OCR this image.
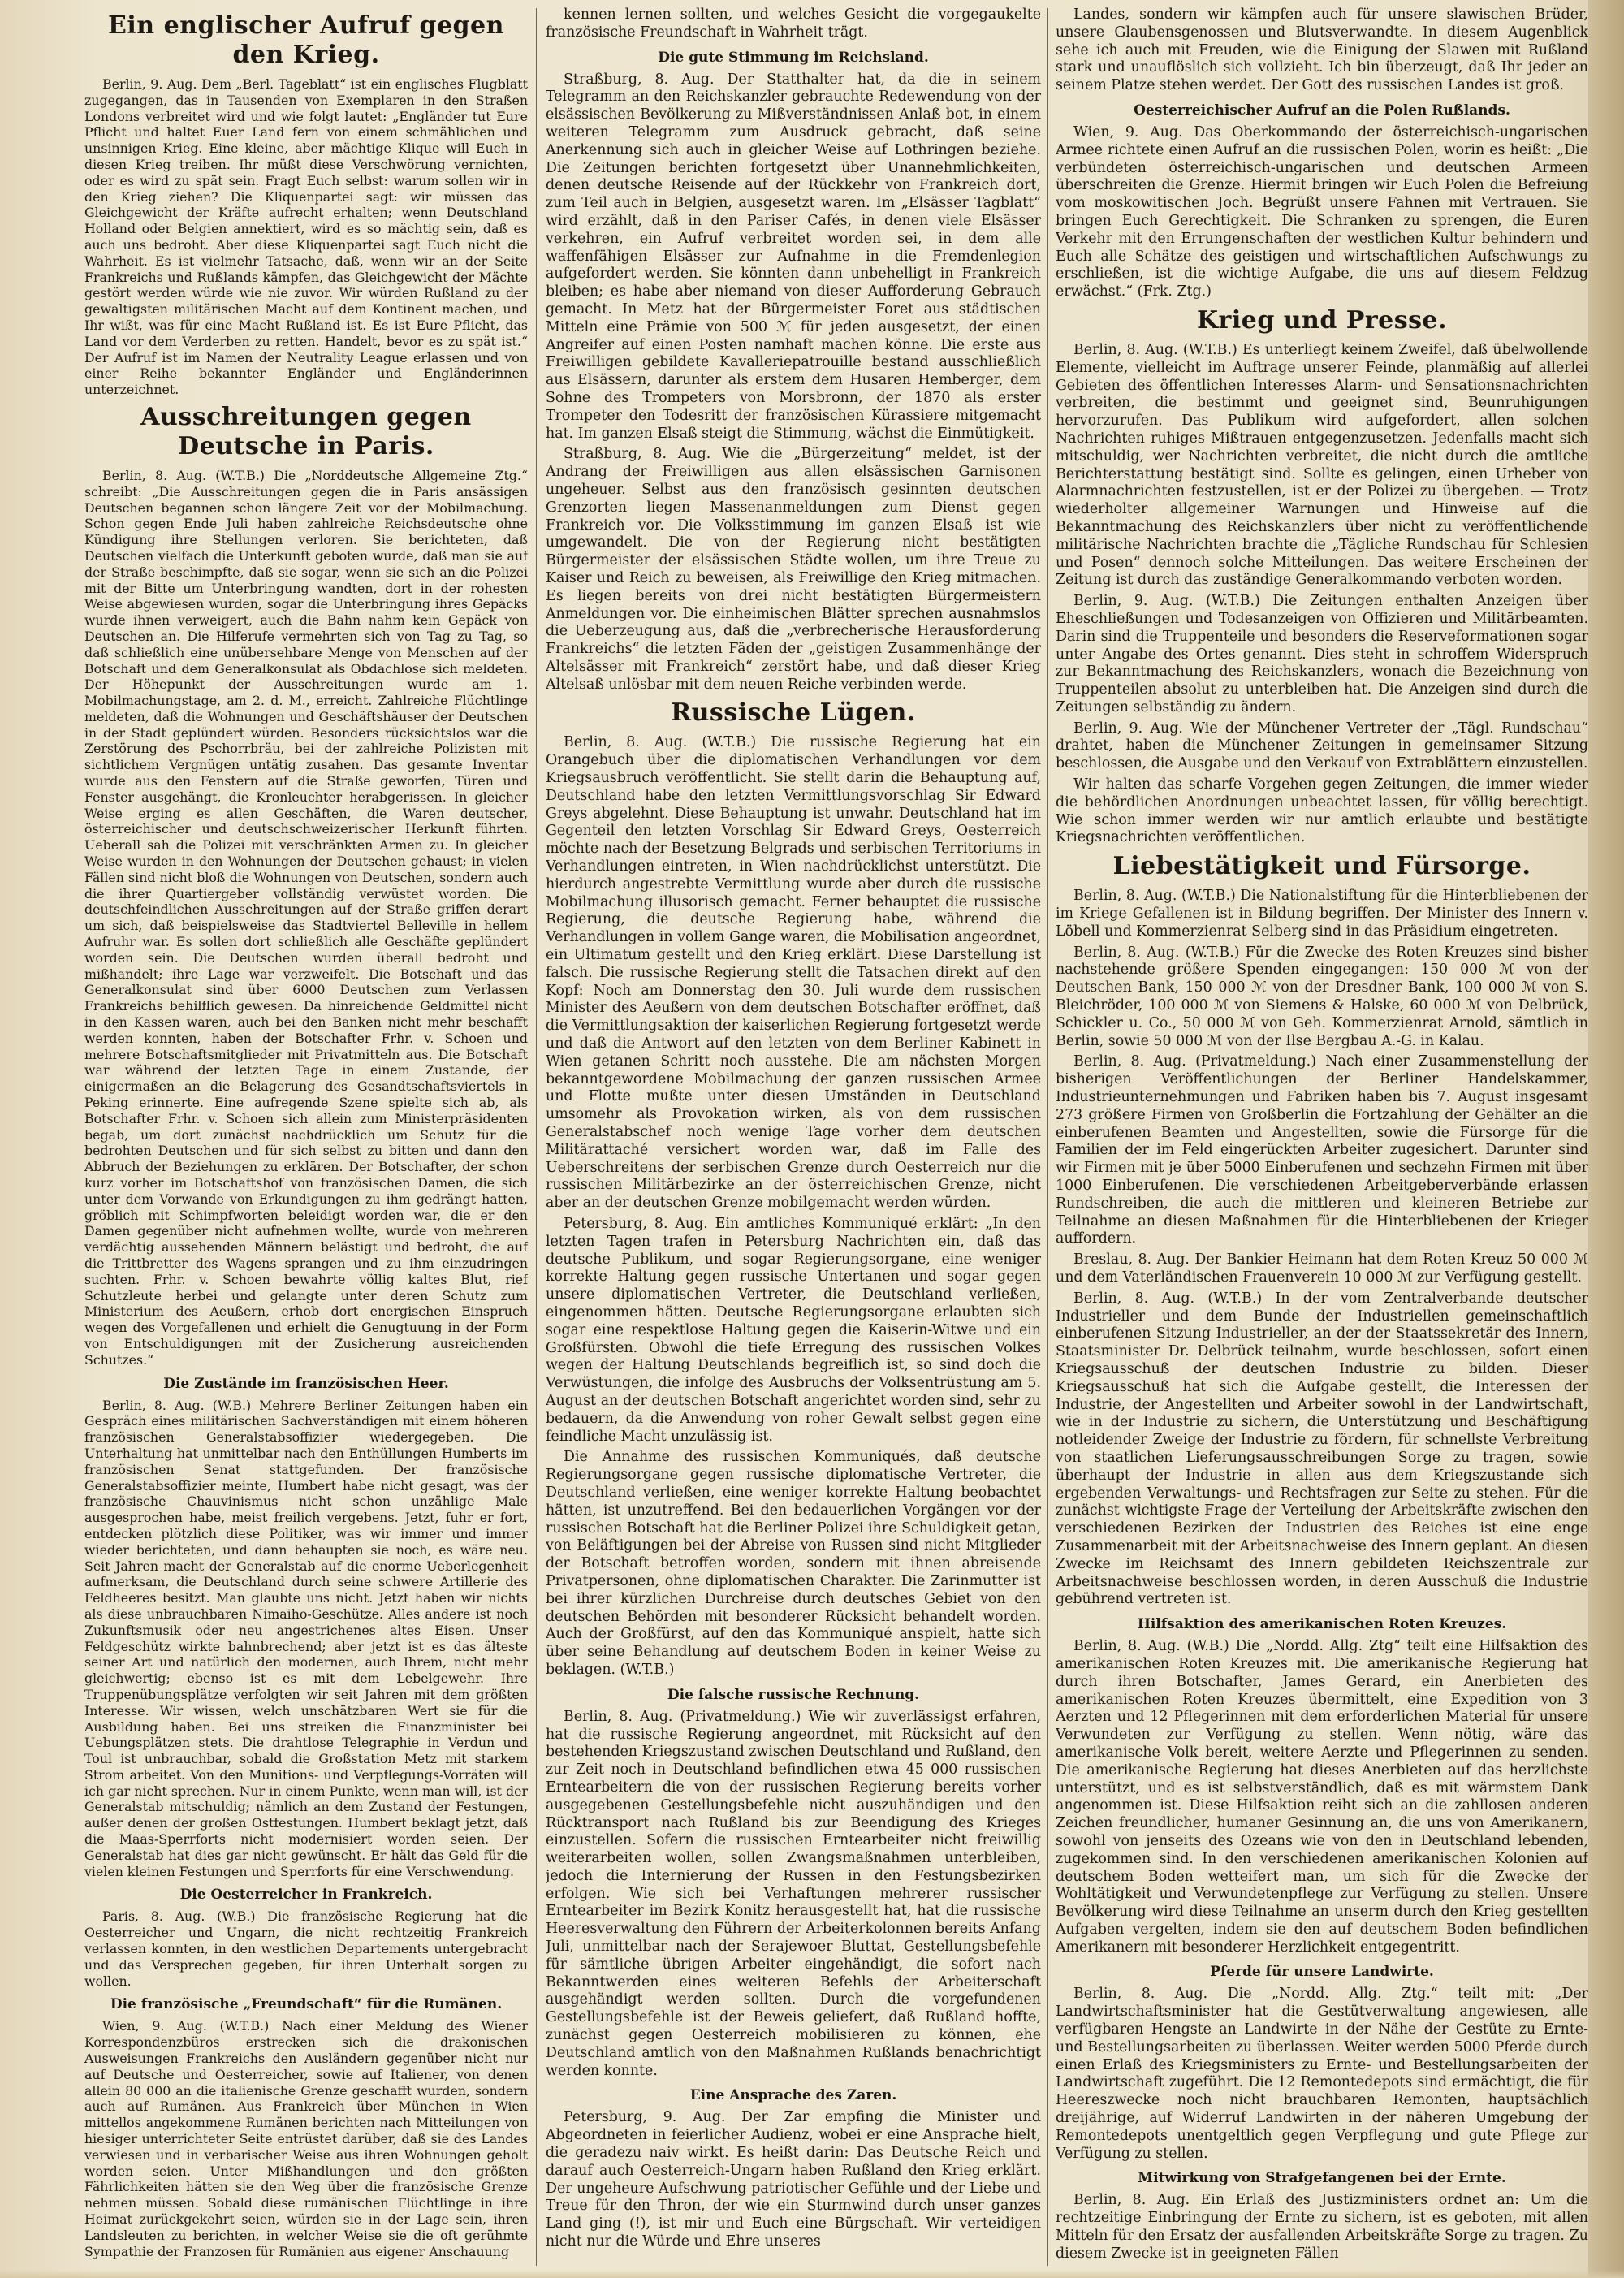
Ein englischer Aufruf gegen den Krieg.

Berlin, 9. Aug. Dem „Berl. Tageblatt“ ist ein englisches Flugblatt zugegangen, das in Tausenden von Exemplaren in den Straßen Londons verbreitet wird und wie folgt lautet: „Engländer tut Eure Pflicht und haltet Euer Land fern von einem schmählichen und unsinnigen Krieg. Eine kleine, aber mächtige Klique will Euch in diesen Krieg treiben. Ihr müßt diese Verschwörung vernichten, oder es wird zu spät sein. Fragt Euch selbst: warum sollen wir in den Krieg ziehen? Die Kliquenpartei sagt: wir müssen das Gleichgewicht der Kräfte aufrecht erhalten; wenn Deutschland Holland oder Belgien annektiert, wird es so mächtig sein, daß es auch uns bedroht. Aber diese Kliquenpartei sagt Euch nicht die Wahrheit. Es ist vielmehr Tatsache, daß, wenn wir an der Seite Frankreichs und Rußlands kämpfen, das Gleichgewicht der Mächte gestört werden würde wie nie zuvor. Wir würden Rußland zu der gewaltigsten militärischen Macht auf dem Kontinent machen, und Ihr wißt, was für eine Macht Rußland ist. Es ist Eure Pflicht, das Land vor dem Verderben zu retten. Handelt, bevor es zu spät ist.“ Der Aufruf ist im Namen der Neutrality League erlassen und von einer Reihe bekannter Engländer und Engländerinnen unterzeichnet.

Ausschreitungen gegen Deutsche in Paris.

Berlin, 8. Aug. (W.T.B.) Die „Norddeutsche Allgemeine Ztg.“ schreibt: „Die Ausschreitungen gegen die in Paris ansässigen Deutschen begannen schon längere Zeit vor der Mobilmachung. Schon gegen Ende Juli haben zahlreiche Reichsdeutsche ohne Kündigung ihre Stellungen verloren. Sie berichteten, daß Deutschen vielfach die Unterkunft geboten wurde, daß man sie auf der Straße beschimpfte, daß sie sogar, wenn sie sich an die Polizei mit der Bitte um Unterbringung wandten, dort in der rohesten Weise abgewiesen wurden, sogar die Unterbringung ihres Gepäcks wurde ihnen verweigert, auch die Bahn nahm kein Gepäck von Deutschen an. Die Hilferufe vermehrten sich von Tag zu Tag, so daß schließlich eine unübersehbare Menge von Menschen auf der Botschaft und dem Generalkonsulat als Obdachlose sich meldeten. Der Höhepunkt der Ausschreitungen wurde am 1. Mobilmachungstage, am 2. d. M., erreicht. Zahlreiche Flüchtlinge meldeten, daß die Wohnungen und Geschäftshäuser der Deutschen in der Stadt geplündert würden. Besonders rücksichtslos war die Zerstörung des Pschorrbräu, bei der zahlreiche Polizisten mit sichtlichem Vergnügen untätig zusahen. Das gesamte Inventar wurde aus den Fenstern auf die Straße geworfen, Türen und Fenster ausgehängt, die Kronleuchter herabgerissen. In gleicher Weise erging es allen Geschäften, die Waren deutscher, österreichischer und deutschschweizerischer Herkunft führten. Ueberall sah die Polizei mit verschränkten Armen zu. In gleicher Weise wurden in den Wohnungen der Deutschen gehaust; in vielen Fällen sind nicht bloß die Wohnungen von Deutschen, sondern auch die ihrer Quartiergeber vollständig verwüstet worden. Die deutschfeindlichen Ausschreitungen auf der Straße griffen derart um sich, daß beispielsweise das Stadtviertel Belleville in hellem Aufruhr war. Es sollen dort schließlich alle Geschäfte geplündert worden sein. Die Deutschen wurden überall bedroht und mißhandelt; ihre Lage war verzweifelt. Die Botschaft und das Generalkonsulat sind über 6000 Deutschen zum Verlassen Frankreichs behilflich gewesen. Da hinreichende Geldmittel nicht in den Kassen waren, auch bei den Banken nicht mehr beschafft werden konnten, haben der Botschafter Frhr. v. Schoen und mehrere Botschaftsmitglieder mit Privatmitteln aus. Die Botschaft war während der letzten Tage in einem Zustande, der einigermaßen an die Belagerung des Gesandtschaftsviertels in Peking erinnerte. Eine aufregende Szene spielte sich ab, als Botschafter Frhr. v. Schoen sich allein zum Ministerpräsidenten begab, um dort zunächst nachdrücklich um Schutz für die bedrohten Deutschen und für sich selbst zu bitten und dann den Abbruch der Beziehungen zu erklären. Der Botschafter, der schon kurz vorher im Botschaftshof von französischen Damen, die sich unter dem Vorwande von Erkundigungen zu ihm gedrängt hatten, gröblich mit Schimpfworten beleidigt worden war, die er den Damen gegenüber nicht aufnehmen wollte, wurde von mehreren verdächtig aussehenden Männern belästigt und bedroht, die auf die Trittbretter des Wagens sprangen und zu ihm einzudringen suchten. Frhr. v. Schoen bewahrte völlig kaltes Blut, rief Schutzleute herbei und gelangte unter deren Schutz zum Ministerium des Aeußern, erhob dort energischen Einspruch wegen des Vorgefallenen und erhielt die Genugtuung in der Form von Entschuldigungen mit der Zusicherung ausreichenden Schutzes.“

Die Zustände im französischen Heer.

Berlin, 8. Aug. (W.B.) Mehrere Berliner Zeitungen haben ein Gespräch eines militärischen Sachverständigen mit einem höheren französischen Generalstabsoffizier wiedergegeben. Die Unterhaltung hat unmittelbar nach den Enthüllungen Humberts im französischen Senat stattgefunden. Der französische Generalstabsoffizier meinte, Humbert habe nicht gesagt, was der französische Chauvinismus nicht schon unzählige Male ausgesprochen habe, meist freilich vergebens. Jetzt, fuhr er fort, entdecken plötzlich diese Politiker, was wir immer und immer wieder berichteten, und dann behaupten sie noch, es wäre neu. Seit Jahren macht der Generalstab auf die enorme Ueberlegenheit aufmerksam, die Deutschland durch seine schwere Artillerie des Feldheeres besitzt. Man glaubte uns nicht. Jetzt haben wir nichts als diese unbrauchbaren Nimaiho-Geschütze. Alles andere ist noch Zukunftsmusik oder neu angestrichenes altes Eisen. Unser Feldgeschütz wirkte bahnbrechend; aber jetzt ist es das älteste seiner Art und natürlich den modernen, auch Ihrem, nicht mehr gleichwertig; ebenso ist es mit dem Lebelgewehr. Ihre Truppenübungsplätze verfolgten wir seit Jahren mit dem größten Interesse. Wir wissen, welch unschätzbaren Wert sie für die Ausbildung haben. Bei uns streiken die Finanzminister bei Uebungsplätzen stets. Die drahtlose Telegraphie in Verdun und Toul ist unbrauchbar, sobald die Großstation Metz mit starkem Strom arbeitet. Von den Munitions- und Verpflegungs-Vorräten will ich gar nicht sprechen. Nur in einem Punkte, wenn man will, ist der Generalstab mitschuldig; nämlich an dem Zustand der Festungen, außer denen der großen Ostfestungen. Humbert beklagt jetzt, daß die Maas-Sperrforts nicht modernisiert worden seien. Der Generalstab hat dies gar nicht gewünscht. Er hält das Geld für die vielen kleinen Festungen und Sperrforts für eine Verschwendung.

Die Oesterreicher in Frankreich.

Paris, 8. Aug. (W.B.) Die französische Regierung hat die Oesterreicher und Ungarn, die nicht rechtzeitig Frankreich verlassen konnten, in den westlichen Departements untergebracht und das Versprechen gegeben, für ihren Unterhalt sorgen zu wollen.

Die französische „Freundschaft“ für die Rumänen.

Wien, 9. Aug. (W.T.B.) Nach einer Meldung des Wiener Korrespondenzbüros erstrecken sich die drakonischen Ausweisungen Frankreichs den Ausländern gegenüber nicht nur auf Deutsche und Oesterreicher, sowie auf Italiener, von denen allein 80 000 an die italienische Grenze geschafft wurden, sondern auch auf Rumänen. Aus Frankreich über München in Wien mittellos angekommene Rumänen berichten nach Mitteilungen von hiesiger unterrichteter Seite entrüstet darüber, daß sie des Landes verwiesen und in verbarischer Weise aus ihren Wohnungen geholt worden seien. Unter Mißhandlungen und den größten Fährlichkeiten hätten sie den Weg über die französische Grenze nehmen müssen. Sobald diese rumänischen Flüchtlinge in ihre Heimat zurückgekehrt seien, würden sie in der Lage sein, ihren Landsleuten zu berichten, in welcher Weise sie die oft gerühmte Sympathie der Franzosen für Rumänien aus eigener Anschauung

kennen lernen sollten, und welches Gesicht die vorgegaukelte französische Freundschaft in Wahrheit trägt.

Die gute Stimmung im Reichsland.

Straßburg, 8. Aug. Der Statthalter hat, da die in seinem Telegramm an den Reichskanzler gebrauchte Redewendung von der elsässischen Bevölkerung zu Mißverständnissen Anlaß bot, in einem weiteren Telegramm zum Ausdruck gebracht, daß seine Anerkennung sich auch in gleicher Weise auf Lothringen beziehe. Die Zeitungen berichten fortgesetzt über Unannehmlichkeiten, denen deutsche Reisende auf der Rückkehr von Frankreich dort, zum Teil auch in Belgien, ausgesetzt waren. Im „Elsässer Tagblatt“ wird erzählt, daß in den Pariser Cafés, in denen viele Elsässer verkehren, ein Aufruf verbreitet worden sei, in dem alle waffenfähigen Elsässer zur Aufnahme in die Fremdenlegion aufgefordert werden. Sie könnten dann unbehelligt in Frankreich bleiben; es habe aber niemand von dieser Aufforderung Gebrauch gemacht. In Metz hat der Bürgermeister Foret aus städtischen Mitteln eine Prämie von 500 ℳ für jeden ausgesetzt, der einen Angreifer auf einen Posten namhaft machen könne. Die erste aus Freiwilligen gebildete Kavalleriepatrouille bestand ausschließlich aus Elsässern, darunter als erstem dem Husaren Hemberger, dem Sohne des Trompeters von Morsbronn, der 1870 als erster Trompeter den Todesritt der französischen Kürassiere mitgemacht hat. Im ganzen Elsaß steigt die Stimmung, wächst die Einmütigkeit.

Straßburg, 8. Aug. Wie die „Bürgerzeitung“ meldet, ist der Andrang der Freiwilligen aus allen elsässischen Garnisonen ungeheuer. Selbst aus den französisch gesinnten deutschen Grenzorten liegen Massenanmeldungen zum Dienst gegen Frankreich vor. Die Volksstimmung im ganzen Elsaß ist wie umgewandelt. Die von der Regierung nicht bestätigten Bürgermeister der elsässischen Städte wollen, um ihre Treue zu Kaiser und Reich zu beweisen, als Freiwillige den Krieg mitmachen. Es liegen bereits von drei nicht bestätigten Bürgermeistern Anmeldungen vor. Die einheimischen Blätter sprechen ausnahmslos die Ueberzeugung aus, daß die „verbrecherische Herausforderung Frankreichs“ die letzten Fäden der „geistigen Zusammenhänge der Altelsässer mit Frankreich“ zerstört habe, und daß dieser Krieg Altelsaß unlösbar mit dem neuen Reiche verbinden werde.

Russische Lügen.

Berlin, 8. Aug. (W.T.B.) Die russische Regierung hat ein Orangebuch über die diplomatischen Verhandlungen vor dem Kriegsausbruch veröffentlicht. Sie stellt darin die Behauptung auf, Deutschland habe den letzten Vermittlungsvorschlag Sir Edward Greys abgelehnt. Diese Behauptung ist unwahr. Deutschland hat im Gegenteil den letzten Vorschlag Sir Edward Greys, Oesterreich möchte nach der Besetzung Belgrads und serbischen Territoriums in Verhandlungen eintreten, in Wien nachdrücklichst unterstützt. Die hierdurch angestrebte Vermittlung wurde aber durch die russische Mobilmachung illusorisch gemacht. Ferner behauptet die russische Regierung, die deutsche Regierung habe, während die Verhandlungen in vollem Gange waren, die Mobilisation angeordnet, ein Ultimatum gestellt und den Krieg erklärt. Diese Darstellung ist falsch. Die russische Regierung stellt die Tatsachen direkt auf den Kopf: Noch am Donnerstag den 30. Juli wurde dem russischen Minister des Aeußern von dem deutschen Botschafter eröffnet, daß die Vermittlungsaktion der kaiserlichen Regierung fortgesetzt werde und daß die Antwort auf den letzten von dem Berliner Kabinett in Wien getanen Schritt noch ausstehe. Die am nächsten Morgen bekanntgewordene Mobilmachung der ganzen russischen Armee und Flotte mußte unter diesen Umständen in Deutschland umsomehr als Provokation wirken, als von dem russischen Generalstabschef noch wenige Tage vorher dem deutschen Militärattaché versichert worden war, daß im Falle des Ueberschreitens der serbischen Grenze durch Oesterreich nur die russischen Militärbezirke an der österreichischen Grenze, nicht aber an der deutschen Grenze mobilgemacht werden würden.

Petersburg, 8. Aug. Ein amtliches Kommuniqué erklärt: „In den letzten Tagen trafen in Petersburg Nachrichten ein, daß das deutsche Publikum, und sogar Regierungsorgane, eine weniger korrekte Haltung gegen russische Untertanen und sogar gegen unsere diplomatischen Vertreter, die Deutschland verließen, eingenommen hätten. Deutsche Regierungsorgane erlaubten sich sogar eine respektlose Haltung gegen die Kaiserin-Witwe und ein Großfürsten. Obwohl die tiefe Erregung des russischen Volkes wegen der Haltung Deutschlands begreiflich ist, so sind doch die Verwüstungen, die infolge des Ausbruchs der Volksentrüstung am 5. August an der deutschen Botschaft angerichtet worden sind, sehr zu bedauern, da die Anwendung von roher Gewalt selbst gegen eine feindliche Macht unzulässig ist.

Die Annahme des russischen Kommuniqués, daß deutsche Regierungsorgane gegen russische diplomatische Vertreter, die Deutschland verließen, eine weniger korrekte Haltung beobachtet hätten, ist unzutreffend. Bei den bedauerlichen Vorgängen vor der russischen Botschaft hat die Berliner Polizei ihre Schuldigkeit getan, von Beläftigungen bei der Abreise von Russen sind nicht Mitglieder der Botschaft betroffen worden, sondern mit ihnen abreisende Privatpersonen, ohne diplomatischen Charakter. Die Zarinmutter ist bei ihrer kürzlichen Durchreise durch deutsches Gebiet von den deutschen Behörden mit besonderer Rücksicht behandelt worden. Auch der Großfürst, auf den das Kommuniqué anspielt, hatte sich über seine Behandlung auf deutschem Boden in keiner Weise zu beklagen. (W.T.B.)

Die falsche russische Rechnung.

Berlin, 8. Aug. (Privatmeldung.) Wie wir zuverlässigst erfahren, hat die russische Regierung angeordnet, mit Rücksicht auf den bestehenden Kriegszustand zwischen Deutschland und Rußland, den zur Zeit noch in Deutschland befindlichen etwa 45 000 russischen Erntearbeitern die von der russischen Regierung bereits vorher ausgegebenen Gestellungsbefehle nicht auszuhändigen und den Rücktransport nach Rußland bis zur Beendigung des Krieges einzustellen. Sofern die russischen Erntearbeiter nicht freiwillig weiterarbeiten wollen, sollen Zwangsmaßnahmen unterbleiben, jedoch die Internierung der Russen in den Festungsbezirken erfolgen. Wie sich bei Verhaftungen mehrerer russischer Erntearbeiter im Bezirk Konitz herausgestellt hat, hat die russische Heeresverwaltung den Führern der Arbeiterkolonnen bereits Anfang Juli, unmittelbar nach der Serajewoer Bluttat, Gestellungsbefehle für sämtliche übrigen Arbeiter eingehändigt, die sofort nach Bekanntwerden eines weiteren Befehls der Arbeiterschaft ausgehändigt werden sollten. Durch die vorgefundenen Gestellungsbefehle ist der Beweis geliefert, daß Rußland hoffte, zunächst gegen Oesterreich mobilisieren zu können, ehe Deutschland amtlich von den Maßnahmen Rußlands benachrichtigt werden konnte.

Eine Ansprache des Zaren.

Petersburg, 9. Aug. Der Zar empfing die Minister und Abgeordneten in feierlicher Audienz, wobei er eine Ansprache hielt, die geradezu naiv wirkt. Es heißt darin: Das Deutsche Reich und darauf auch Oesterreich-Ungarn haben Rußland den Krieg erklärt. Der ungeheure Aufschwung patriotischer Gefühle und der Liebe und Treue für den Thron, der wie ein Sturmwind durch unser ganzes Land ging (!), ist mir und Euch eine Bürgschaft. Wir verteidigen nicht nur die Würde und Ehre unseres

Landes, sondern wir kämpfen auch für unsere slawischen Brüder, unsere Glaubensgenossen und Blutsverwandte. In diesem Augenblick sehe ich auch mit Freuden, wie die Einigung der Slawen mit Rußland stark und unauflöslich sich vollzieht. Ich bin überzeugt, daß Ihr jeder an seinem Platze stehen werdet. Der Gott des russischen Landes ist groß.

Oesterreichischer Aufruf an die Polen Rußlands.

Wien, 9. Aug. Das Oberkommando der österreichisch-ungarischen Armee richtete einen Aufruf an die russischen Polen, worin es heißt: „Die verbündeten österreichisch-ungarischen und deutschen Armeen überschreiten die Grenze. Hiermit bringen wir Euch Polen die Befreiung vom moskowitischen Joch. Begrüßt unsere Fahnen mit Vertrauen. Sie bringen Euch Gerechtigkeit. Die Schranken zu sprengen, die Euren Verkehr mit den Errungenschaften der westlichen Kultur behindern und Euch alle Schätze des geistigen und wirtschaftlichen Aufschwungs zu erschließen, ist die wichtige Aufgabe, die uns auf diesem Feldzug erwächst.“ (Frk. Ztg.)

Krieg und Presse.

Berlin, 8. Aug. (W.T.B.) Es unterliegt keinem Zweifel, daß übelwollende Elemente, vielleicht im Auftrage unserer Feinde, planmäßig auf allerlei Gebieten des öffentlichen Interesses Alarm- und Sensationsnachrichten verbreiten, die bestimmt und geeignet sind, Beunruhigungen hervorzurufen. Das Publikum wird aufgefordert, allen solchen Nachrichten ruhiges Mißtrauen entgegenzusetzen. Jedenfalls macht sich mitschuldig, wer Nachrichten verbreitet, die nicht durch die amtliche Berichterstattung bestätigt sind. Sollte es gelingen, einen Urheber von Alarmnachrichten festzustellen, ist er der Polizei zu übergeben. — Trotz wiederholter allgemeiner Warnungen und Hinweise auf die Bekanntmachung des Reichskanzlers über nicht zu veröffentlichende militärische Nachrichten brachte die „Tägliche Rundschau für Schlesien und Posen“ dennoch solche Mitteilungen. Das weitere Erscheinen der Zeitung ist durch das zuständige Generalkommando verboten worden.

Berlin, 9. Aug. (W.T.B.) Die Zeitungen enthalten Anzeigen über Eheschließungen und Todesanzeigen von Offizieren und Militärbeamten. Darin sind die Truppenteile und besonders die Reserveformationen sogar unter Angabe des Ortes genannt. Dies steht in schroffem Widerspruch zur Bekanntmachung des Reichskanzlers, wonach die Bezeichnung von Truppenteilen absolut zu unterbleiben hat. Die Anzeigen sind durch die Zeitungen selbständig zu ändern.

Berlin, 9. Aug. Wie der Münchener Vertreter der „Tägl. Rundschau“ drahtet, haben die Münchener Zeitungen in gemeinsamer Sitzung beschlossen, die Ausgabe und den Verkauf von Extrablättern einzustellen.

Wir halten das scharfe Vorgehen gegen Zeitungen, die immer wieder die behördlichen Anordnungen unbeachtet lassen, für völlig berechtigt. Wie schon immer werden wir nur amtlich erlaubte und bestätigte Kriegsnachrichten veröffentlichen.

Liebestätigkeit und Fürsorge.

Berlin, 8. Aug. (W.T.B.) Die Nationalstiftung für die Hinterbliebenen der im Kriege Gefallenen ist in Bildung begriffen. Der Minister des Innern v. Löbell und Kommerzienrat Selberg sind in das Präsidium eingetreten.

Berlin, 8. Aug. (W.T.B.) Für die Zwecke des Roten Kreuzes sind bisher nachstehende größere Spenden eingegangen: 150 000 ℳ von der Deutschen Bank, 150 000 ℳ von der Dresdner Bank, 100 000 ℳ von S. Bleichröder, 100 000 ℳ von Siemens & Halske, 60 000 ℳ von Delbrück, Schickler u. Co., 50 000 ℳ von Geh. Kommerzienrat Arnold, sämtlich in Berlin, sowie 50 000 ℳ von der Ilse Bergbau A.-G. in Kalau.

Berlin, 8. Aug. (Privatmeldung.) Nach einer Zusammenstellung der bisherigen Veröffentlichungen der Berliner Handelskammer, Industrieunternehmungen und Fabriken haben bis 7. August insgesamt 273 größere Firmen von Großberlin die Fortzahlung der Gehälter an die einberufenen Beamten und Angestellten, sowie die Fürsorge für die Familien der im Feld eingerückten Arbeiter zugesichert. Darunter sind wir Firmen mit je über 5000 Einberufenen und sechzehn Firmen mit über 1000 Einberufenen. Die verschiedenen Arbeitgeberverbände erlassen Rundschreiben, die auch die mittleren und kleineren Betriebe zur Teilnahme an diesen Maßnahmen für die Hinterbliebenen der Krieger auffordern.

Breslau, 8. Aug. Der Bankier Heimann hat dem Roten Kreuz 50 000 ℳ und dem Vaterländischen Frauenverein 10 000 ℳ zur Verfügung gestellt.

Berlin, 8. Aug. (W.T.B.) In der vom Zentralverbande deutscher Industrieller und dem Bunde der Industriellen gemeinschaftlich einberufenen Sitzung Industrieller, an der der Staatssekretär des Innern, Staatsminister Dr. Delbrück teilnahm, wurde beschlossen, sofort einen Kriegsausschuß der deutschen Industrie zu bilden. Dieser Kriegsausschuß hat sich die Aufgabe gestellt, die Interessen der Industrie, der Angestellten und Arbeiter sowohl in der Landwirtschaft, wie in der Industrie zu sichern, die Unterstützung und Beschäftigung notleidender Zweige der Industrie zu fördern, für schnellste Verbreitung von staatlichen Lieferungsausschreibungen Sorge zu tragen, sowie überhaupt der Industrie in allen aus dem Kriegszustande sich ergebenden Verwaltungs- und Rechtsfragen zur Seite zu stehen. Für die zunächst wichtigste Frage der Verteilung der Arbeitskräfte zwischen den verschiedenen Bezirken der Industrien des Reiches ist eine enge Zusammenarbeit mit der Arbeitsnachweise des Innern geplant. An diesen Zwecke im Reichsamt des Innern gebildeten Reichszentrale zur Arbeitsnachweise beschlossen worden, in deren Ausschuß die Industrie gebührend vertreten ist.

Hilfsaktion des amerikanischen Roten Kreuzes.

Berlin, 8. Aug. (W.B.) Die „Nordd. Allg. Ztg“ teilt eine Hilfsaktion des amerikanischen Roten Kreuzes mit. Die amerikanische Regierung hat durch ihren Botschafter, James Gerard, ein Anerbieten des amerikanischen Roten Kreuzes übermittelt, eine Expedition von 3 Aerzten und 12 Pflegerinnen mit dem erforderlichen Material für unsere Verwundeten zur Verfügung zu stellen. Wenn nötig, wäre das amerikanische Volk bereit, weitere Aerzte und Pflegerinnen zu senden. Die amerikanische Regierung hat dieses Anerbieten auf das herzlichste unterstützt, und es ist selbstverständlich, daß es mit wärmstem Dank angenommen ist. Diese Hilfsaktion reiht sich an die zahllosen anderen Zeichen freundlicher, humaner Gesinnung an, die uns von Amerikanern, sowohl von jenseits des Ozeans wie von den in Deutschland lebenden, zugekommen sind. In den verschiedenen amerikanischen Kolonien auf deutschem Boden wetteifert man, um sich für die Zwecke der Wohltätigkeit und Verwundetenpflege zur Verfügung zu stellen. Unsere Bevölkerung wird diese Teilnahme an unserm durch den Krieg gestellten Aufgaben vergelten, indem sie den auf deutschem Boden befindlichen Amerikanern mit besonderer Herzlichkeit entgegentritt.

Pferde für unsere Landwirte.

Berlin, 8. Aug. Die „Nordd. Allg. Ztg.“ teilt mit: „Der Landwirtschaftsminister hat die Gestütverwaltung angewiesen, alle verfügbaren Hengste an Landwirte in der Nähe der Gestüte zu Ernte- und Bestellungsarbeiten zu überlassen. Weiter werden 5000 Pferde durch einen Erlaß des Kriegsministers zu Ernte- und Bestellungsarbeiten der Landwirtschaft zugeführt. Die 12 Remontedepots sind ermächtigt, die für Heereszwecke noch nicht brauchbaren Remonten, hauptsächlich dreijährige, auf Widerruf Landwirten in der näheren Umgebung der Remontedepots unentgeltlich gegen Verpflegung und gute Pflege zur Verfügung zu stellen.

Mitwirkung von Strafgefangenen bei der Ernte.

Berlin, 8. Aug. Ein Erlaß des Justizministers ordnet an: Um die rechtzeitige Einbringung der Ernte zu sichern, ist es geboten, mit allen Mitteln für den Ersatz der ausfallenden Arbeitskräfte Sorge zu tragen. Zu diesem Zwecke ist in geeigneten Fällen
